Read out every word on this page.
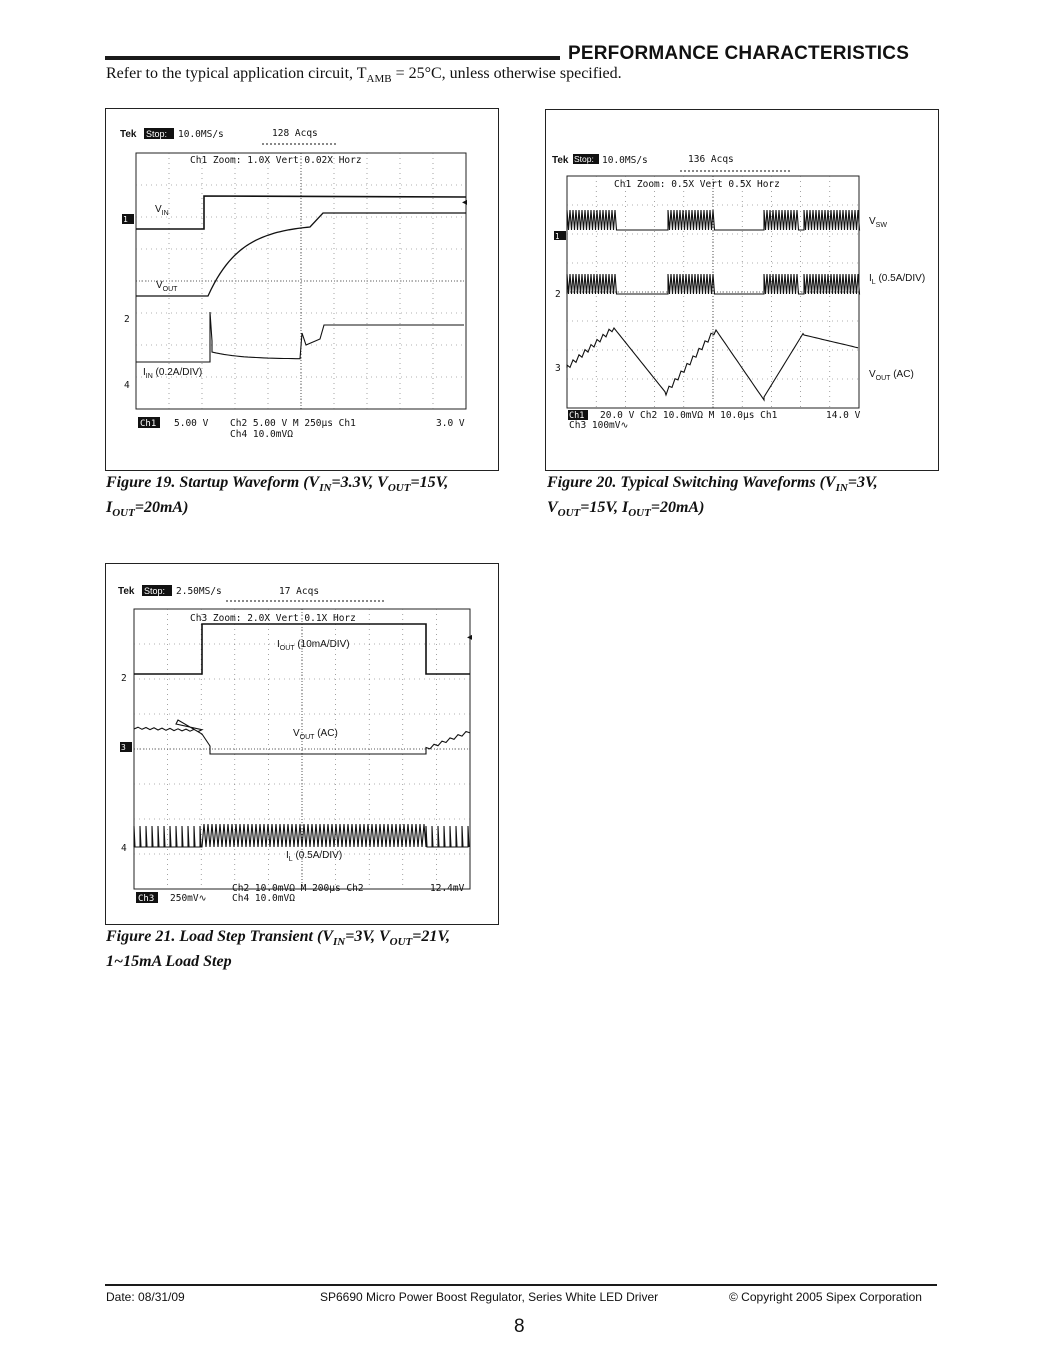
PERFORMANCE CHARACTERISTICS
Refer to the typical application circuit, $T_{AMB} = 25^\circ C$, unless otherwise specified.
Tek Stop: 10.0MS/s	128 Acqs
Ch1 Zoom: 1.0X Vert 0.02X Horz
1
2
4
◂
$V_{IN}$
$V_{OUT}$
$I_{IN}$ (0.2A/DIV)
Ch1 5.00 V Ch2 5.00 V M 250μs Ch1	3.0 V
Ch4 10.0mVΩ
Figure 19. Startup Waveform ($V_{IN}=3.3V$, $V_{OUT}=15V$,
$I_{OUT}=20mA$)
Tek Stop: 10.0MS/s	136 Acqs
Ch1 Zoom: 0.5X Vert 0.5X Horz
1
2
3
$V_{SW}$
$I_L$ (0.5A/DIV)
$V_{OUT}$ (AC)
Ch1 20.0 V Ch2 10.0mVΩ M 10.0μs Ch1	14.0 V
Ch3 100mV∿
Figure 20. Typical Switching Waveforms ($V_{IN}=3V$,
$V_{OUT}=15V$, $I_{OUT}=20mA$)
Tek Stop: 2.50MS/s	17 Acqs
Ch3 Zoom: 2.0X Vert 0.1X Horz
2
3
4
◂
$I_{OUT}$ (10mA/DIV)
$V_{OUT}$ (AC)
$I_L$ (0.5A/DIV)
Ch3 250mV∿
Ch2 10.0mVΩ M 200μs Ch2	12.4mV
Ch4 10.0mVΩ
Figure 21. Load Step Transient ($V_{IN}=3V$, $V_{OUT}=21V$,
1~15mA Load Step
Date: 08/31/09	SP6690 Micro Power Boost Regulator, Series White LED Driver	© Copyright 2005 Sipex Corporation
8
